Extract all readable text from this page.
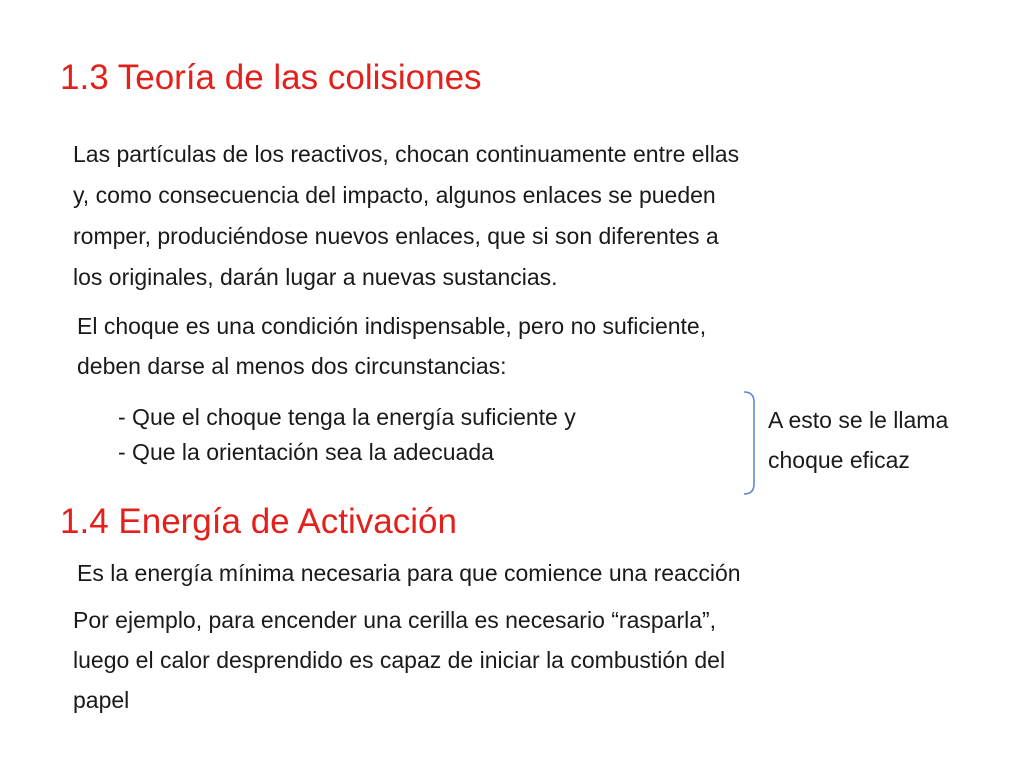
1.3 Teoría de las colisiones
Las partículas de los reactivos, chocan continuamente entre ellas
y, como consecuencia del impacto, algunos enlaces se pueden
romper, produciéndose nuevos enlaces, que si son diferentes a
los originales, darán lugar a nuevas sustancias.
El choque es una condición indispensable, pero no suficiente,
deben darse al menos dos circunstancias:
- Que el choque tenga la energía suficiente y
- Que la orientación sea la adecuada
A esto se le llama
choque eficaz
1.4 Energía de Activación

Es la energía mínima necesaria para que comience una reacción

Por ejemplo, para encender una cerilla es necesario “rasparla”,
luego el calor desprendido es capaz de iniciar la combustión del
papel
